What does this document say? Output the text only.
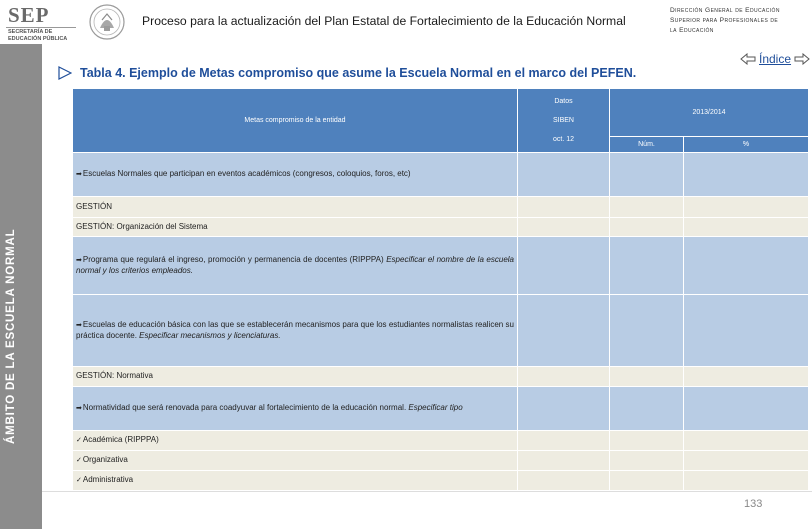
SEP
SECRETARÍA DE
EDUCACIÓN PÚBLICA
Proceso para la actualización del Plan Estatal de Fortalecimiento de la Educación Normal
Dirección General de Educación
Superior para Profesionales de
la Educación
ÁMBITO DE LA ESCUELA NORMAL
Índice
Tabla 4. Ejemplo de Metas compromiso que asume la Escuela Normal en el marco del PEFEN.
Metas compromiso de la entidad	Datos
SIBEN
oct. 12	2013/2014	
		Núm.	%
➡Escuelas Normales que participan en eventos académicos (congresos, coloquios, foros, etc)			
GESTIÓN			
GESTIÓN: Organización del Sistema			
➡Programa que regulará el ingreso, promoción y permanencia de docentes (RIPPPA) Especificar el nombre de la escuela normal y los criterios empleados.			
➡Escuelas de educación básica con las que se establecerán mecanismos para que los estudiantes normalistas realicen su práctica docente. Especificar mecanismos y licenciaturas.			
GESTIÓN: Normativa			
➡Normatividad que será renovada para coadyuvar al fortalecimiento de la educación normal. Especificar tipo			
✓Académica (RIPPPA)			
✓Organizativa			
✓Administrativa			
133
